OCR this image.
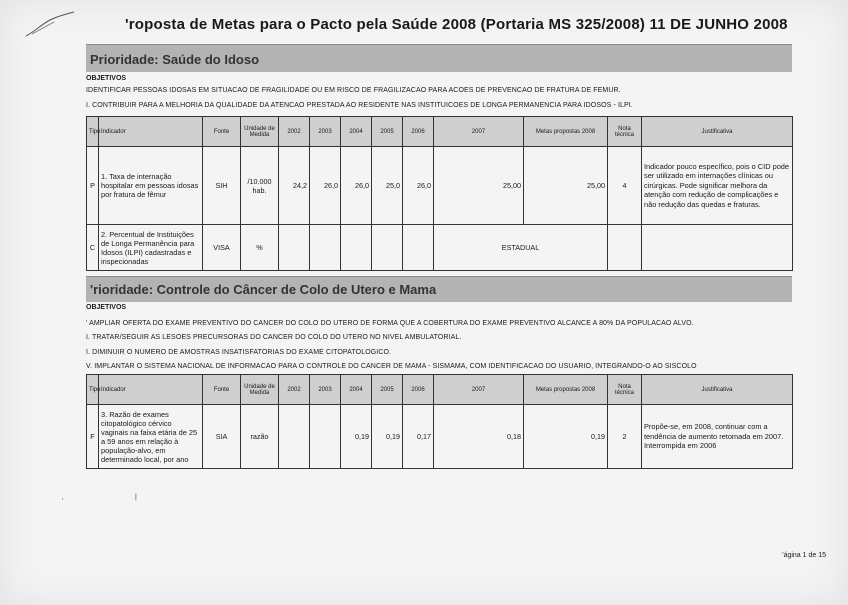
'roposta de Metas para o Pacto pela Saúde 2008 (Portaria MS 325/2008) 11 DE JUNHO 2008
Prioridade: Saúde do Idoso
OBJETIVOS
IDENTIFICAR PESSOAS IDOSAS EM SITUACAO DE FRAGILIDADE OU EM RISCO DE FRAGILIZACAO PARA ACOES DE PREVENCAO DE FRATURA DE FEMUR.
I. CONTRIBUIR PARA A MELHORIA DA QUALIDADE DA ATENCAO PRESTADA AO RESIDENTE NAS INSTITUICOES DE LONGA PERMANENCIA PARA IDOSOS - ILPI.
Tipo	Indicador	Fonte	Unidade de Medida	2002	2003	2004	2005	2006	2007	Metas propostas 2008	Nota técnica	Justificativa
P	1. Taxa de internação hospitalar em pessoas idosas por fratura de fêmur	SIH	/10.000 hab.	24,2	26,0	26,0	25,0	26,0	25,00	25,00	4	Indicador pouco específico, pois o CID pode ser utilizado em internações clínicas ou cirúrgicas. Pode significar melhora da atenção com redução de complicações e não redução das quedas e fraturas.
C	2. Percentual de Instituições de Longa Permanência para Idosos (ILPI) cadastradas e inspecionadas	VISA	%						ESTADUAL			
'rioridade: Controle do Câncer de Colo de Utero e Mama
OBJETIVOS
' AMPLIAR OFERTA DO EXAME PREVENTIVO DO CANCER DO COLO DO UTERO DE FORMA QUE A COBERTURA DO EXAME PREVENTIVO ALCANCE A 80% DA POPULACAO ALVO.
I. TRATAR/SEGUIR AS LESOES PRECURSORAS DO CANCER DO COLO DO UTERO NO NIVEL AMBULATORIAL.
I. DIMINUIR O NUMERO DE AMOSTRAS INSATISFATORIAS DO EXAME CITOPATOLOGICO.
V. IMPLANTAR O SISTEMA NACIONAL DE INFORMACAO PARA O CONTROLE DO CANCER DE MAMA - SISMAMA, COM IDENTIFICACAO DO USUARIO, INTEGRANDO-O AO SISCOLO
Tipo	Indicador	Fonte	Unidade de Medida	2002	2003	2004	2005	2006	2007	Metas propostas 2008	Nota técnica	Justificativa
F	3. Razão de exames citopatológico cérvico vaginais na faixa etária de 25 a 59 anos em relação à população-alvo, em determinado local, por ano	SIA	razão			0,19	0,19	0,17	0,18	0,19	2	Propõe-se, em 2008, continuar com a tendência de aumento retomada em 2007. Interrompida em 2006
'
|
'ágina 1 de 15
